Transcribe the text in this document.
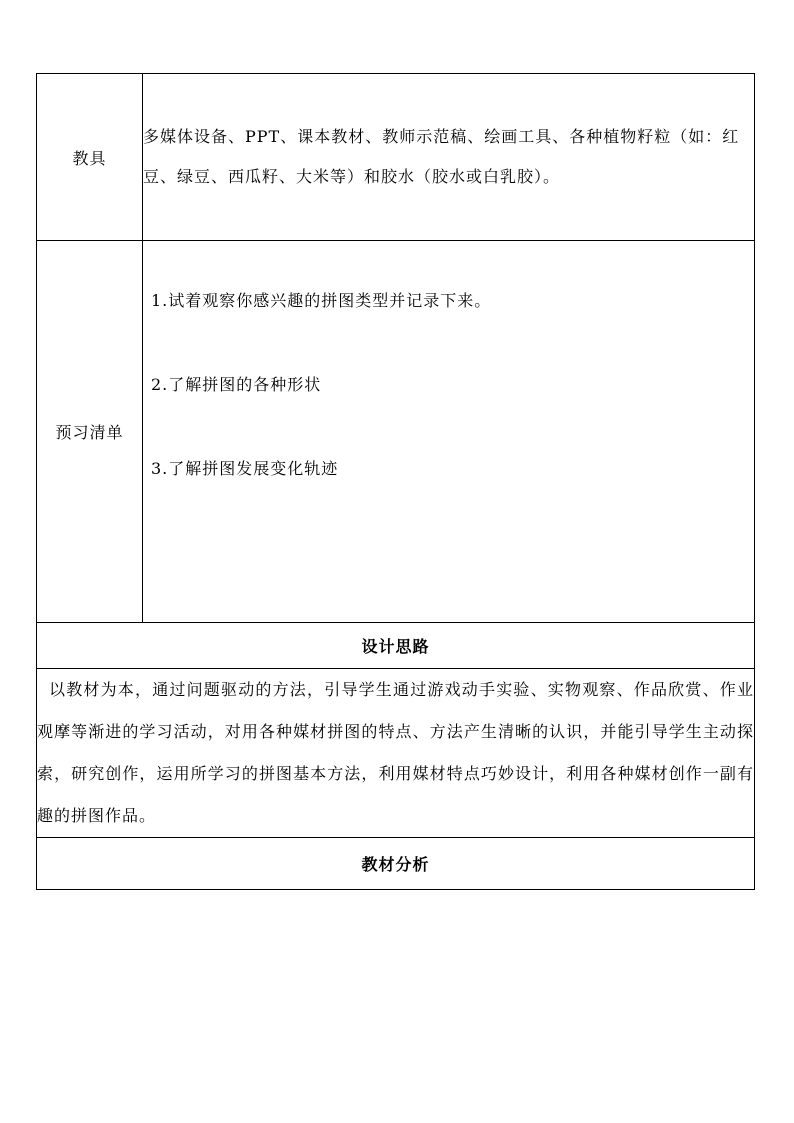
教具	多媒体设备、PPT、课本教材、教师示范稿、绘画工具、各种植物籽粒（如：红豆、绿豆、西瓜籽、大米等）和胶水（胶水或白乳胶）。
预习清单	1.试着观察你感兴趣的拼图类型并记录下来。

2.了解拼图的各种形状

3.了解拼图发展变化轨迹

设计思路	
以教材为本，通过问题驱动的方法，引导学生通过游戏动手实验、实物观察、作品欣赏、作业观摩等渐进的学习活动，对用各种媒材拼图的特点、方法产生清晰的认识，并能引导学生主动探索，研究创作，运用所学习的拼图基本方法，利用媒材特点巧妙设计，利用各种媒材创作一副有趣的拼图作品。	
教材分析	
